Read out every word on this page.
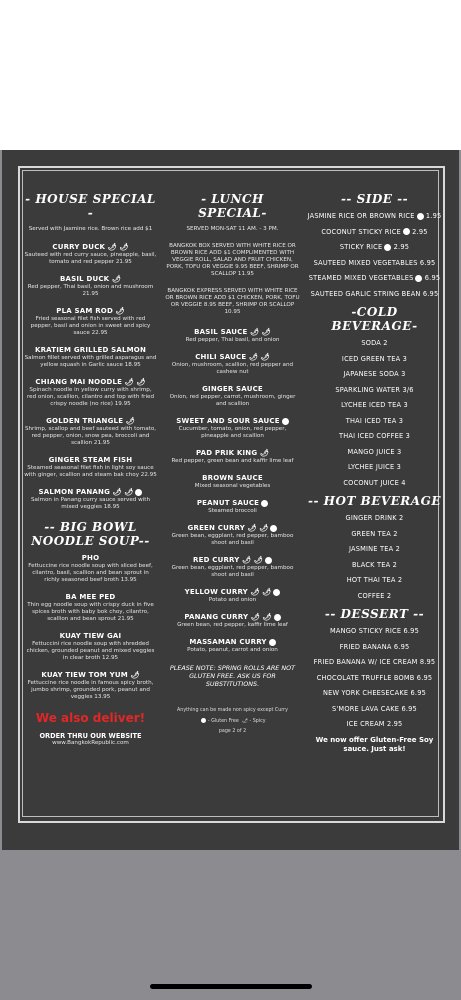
- HOUSE SPECIAL -
Served with Jasmine rice. Brown rice add $1
CURRY DUCK 🌶 🌶
Sauteed with red curry sauce, pineapple, basil, tomato and red pepper 21.95
BASIL DUCK 🌶
Red pepper, Thai basil, onion and mushroom 21.95
PLA SAM ROD 🌶
Fried seasonal filet fish served with red pepper, basil and onion in sweet and spicy sauce 22.95
KRATIEM GRILLED SALMON
Salmon fillet served with grilled asparagus and yellow squash in Garlic sauce 18.95
CHIANG MAI NOODLE 🌶 🌶
Spinach noodle in yellow curry with shrimp, red onion, scallion, cilantro and top with fried crispy noodle (no rice) 19.95
GOLDEN TRIANGLE 🌶
Shrimp, scallop and beef sauteed with tomato, red pepper, onion, snow pea, broccoli and scallion 21.95
GINGER STEAM FISH
Steamed seasonal filet fish in light soy sauce with ginger, scallion and steam bak choy 22.95
SALMON PANANG 🌶 🌶
Salmon in Panang curry sauce served with mixed veggies 18.95
-- BIG BOWL
NOODLE SOUP--
PHO
Fettuccine rice noodle soup with sliced beef, cilantro, basil, scallion and bean sprout in richly seasoned beef broth 13.95
BA MEE PED
Thin egg noodle soup with crispy duck in five spices broth with baby bok choy, cilantro, scallion and bean sprout 21.95
KUAY TIEW GAI
Fettuccini rice noodle soup with shredded chicken, grounded peanut and mixed veggies in clear broth 12.95
KUAY TIEW TOM YUM 🌶
Fettuccine rice noodle in famous spicy broth, jumbo shrimp, grounded pork, peanut and veggies 13.95
We also deliver!
ORDER THRU OUR WEBSITE
www.BangkokRepublic.com
- LUNCH SPECIAL-
SERVED MON-SAT 11 AM. - 3 PM.
BANGKOK BOX SERVED WITH WHITE RICE OR BROWN RICE ADD $1 COMPLIMENTED WITH VEGGIE ROLL, SALAD AND FRUIT CHICKEN, PORK, TOFU OR VEGGIE 9.95 BEEF, SHRIMP OR SCALLOP 11.95
BANGKOK EXPRESS SERVED WITH WHITE RICE OR BROWN RICE ADD $1 CHICKEN, PORK, TOFU OR VEGGIE 8.95 BEEF, SHRIMP OR SCALLOP 10.95
BASIL SAUCE 🌶 🌶
Red pepper, Thai basil, and onion
CHILI SAUCE 🌶 🌶
Onion, mushroom, scallion, red pepper and cashew nut
GINGER SAUCE
Onion, red pepper, carrot, mushroom, ginger and scallion
SWEET AND SOUR SAUCE
Cucumber, tomato, onion, red pepper, pineapple and scallion
PAD PRIK KING 🌶
Red pepper, green bean and kaffir lime leaf
BROWN SAUCE
Mixed seasonal vegetables
PEANUT SAUCE
Steamed broccoli
GREEN CURRY 🌶 🌶
Green bean, eggplant, red pepper, bamboo shoot and basil
RED CURRY 🌶 🌶
Green bean, eggplant, red pepper, bamboo shoot and basil
YELLOW CURRY 🌶 🌶
Potato and onion
PANANG CURRY 🌶 🌶
Green bean, red pepper, kaffir lime leaf
MASSAMAN CURRY
Potato, peanut, carrot and onion
PLEASE NOTE: SPRING ROLLS ARE NOT GLUTEN FREE. ASK US FOR SUBSTITUTIONS.
Anything can be made non spicy except Curry
- Gluten Free 🌶 - Spicy
page 2 of 2
-- SIDE --
JASMINE RICE OR BROWN RICE 1.95
COCONUT STICKY RICE 2.95
STICKY RICE 2.95
SAUTEED MIXED VEGETABLES 6.95
STEAMED MIXED VEGETABLES 6.95
SAUTEED GARLIC STRING BEAN 6.95
-COLD BEVERAGE-
SODA 2
ICED GREEN TEA 3
JAPANESE SODA 3
SPARKLING WATER 3/6
LYCHEE ICED TEA 3
THAI ICED TEA 3
THAI ICED COFFEE 3
MANGO JUICE 3
LYCHEE JUICE 3
COCONUT JUICE 4
-- HOT BEVERAGE
GINGER DRINK 2
GREEN TEA 2
JASMINE TEA 2
BLACK TEA 2
HOT THAI TEA 2
COFFEE 2
-- DESSERT --
MANGO STICKY RICE 6.95
FRIED BANANA 6.95
FRIED BANANA W/ ICE CREAM 8.95
CHOCOLATE TRUFFLE BOMB 6.95
NEW YORK CHEESECAKE 6.95
S'MORE LAVA CAKE 6.95
ICE CREAM 2.95
We now offer Gluten-Free Soy sauce. Just ask!
